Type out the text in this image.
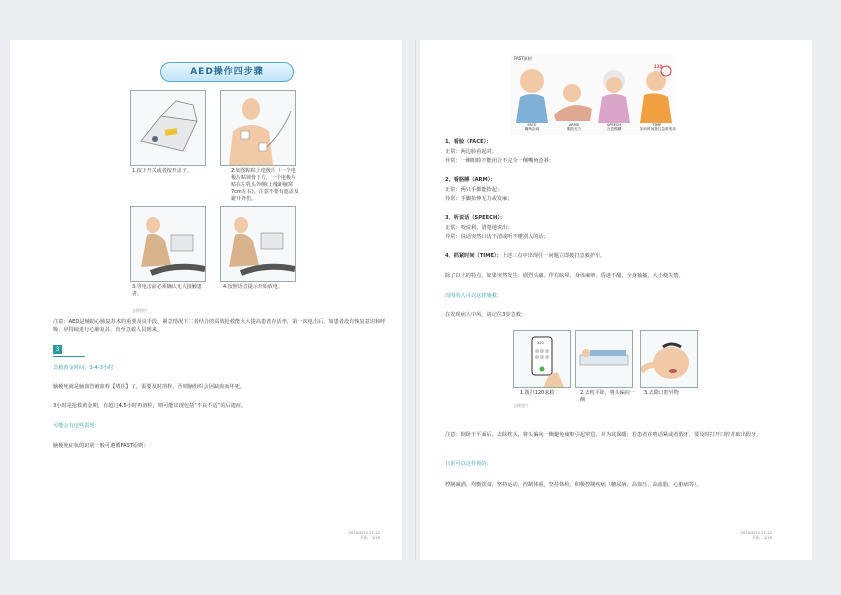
AED操作四步骤
1.按下开关或者按开盖子。	2.如图粘贴上电极片（一个电极片贴锁骨下方，一个电极片贴在左乳头外侧(上缘距腋窝7cm左右)。注意不要有遮盖及避开外伤。
3.等电击前必须确认无人接触患者。
4.按照语音提示开始放电。
去棵照片
注意：AED是辅助心肺复苏术的重要及良手段，紧急情况下二者结合的高效抢救能大大提高患者存活率，第一次电击后，如患者没有恢复意识和呼吸，应持续进行心肺复苏，直至急救人员到来。
3
急救黄金时间：3-4-3小时
脑梗死就是脑血管被血栓【堵住】了，需要及时溶栓，否则脑组织会因缺血而坏死。
3小时是抢救黄金期，有超过4.5小时再溶栓，则可能出现包括“不良不适”的后遗症。
可能会有这些表现：
脑梗死症状的识别一般可遵循FAST原则：
2025/6/23 21:12
页码 - 3/16
FAST原则
120
FACE
嘴角歪斜
ARMS
肌肢无力
SPEECH
言语模糊
TIME
如有时间拨打急救电话
1、看脸（FACE）：
正常：两边脸看起对；
异常：一侧眼睑不能闭合不完全一侧嘴角歪斜；
2、看胳膊（ARM）：
正常：两只手都能抬起；
异常：手脚抬伸无力或发麻；
3、听说话（SPEECH）：
正常：咬说利，清楚地说出；
异常：说话突然口齿不清或听不懂别人的话；
4、抓紧时间（TIME）：上述三点中出现任一问题立即拨打急救护车。
除了以上的特点，如果突然发生：剧烈头痛、伴有眩晕、身体麻痹、昏迷不醒、全身抽搐、大小便失禁。
周围的人可以这样施救：
在发现病人中风，请记住3步急救：
120
1.拨打120求救	2.去枕平卧，将头偏向一侧
3.去除口腔异物
去棵照片
注意：倒卧于平面后，去除枕头，将头偏向一侧避免痰呕引起窒息，并为其保暖；若患者在嘻话紧或者假牙，要及时打开口腔并取出假牙。
日常可以这样预防：
控制减酒，均衡饮食，坚持运动，控制体重，坚持体检，积极控制疾病（糖尿病，高血压，高血脂，心脏病等）。
2025/6/23 21:12
页码 - 4/16
